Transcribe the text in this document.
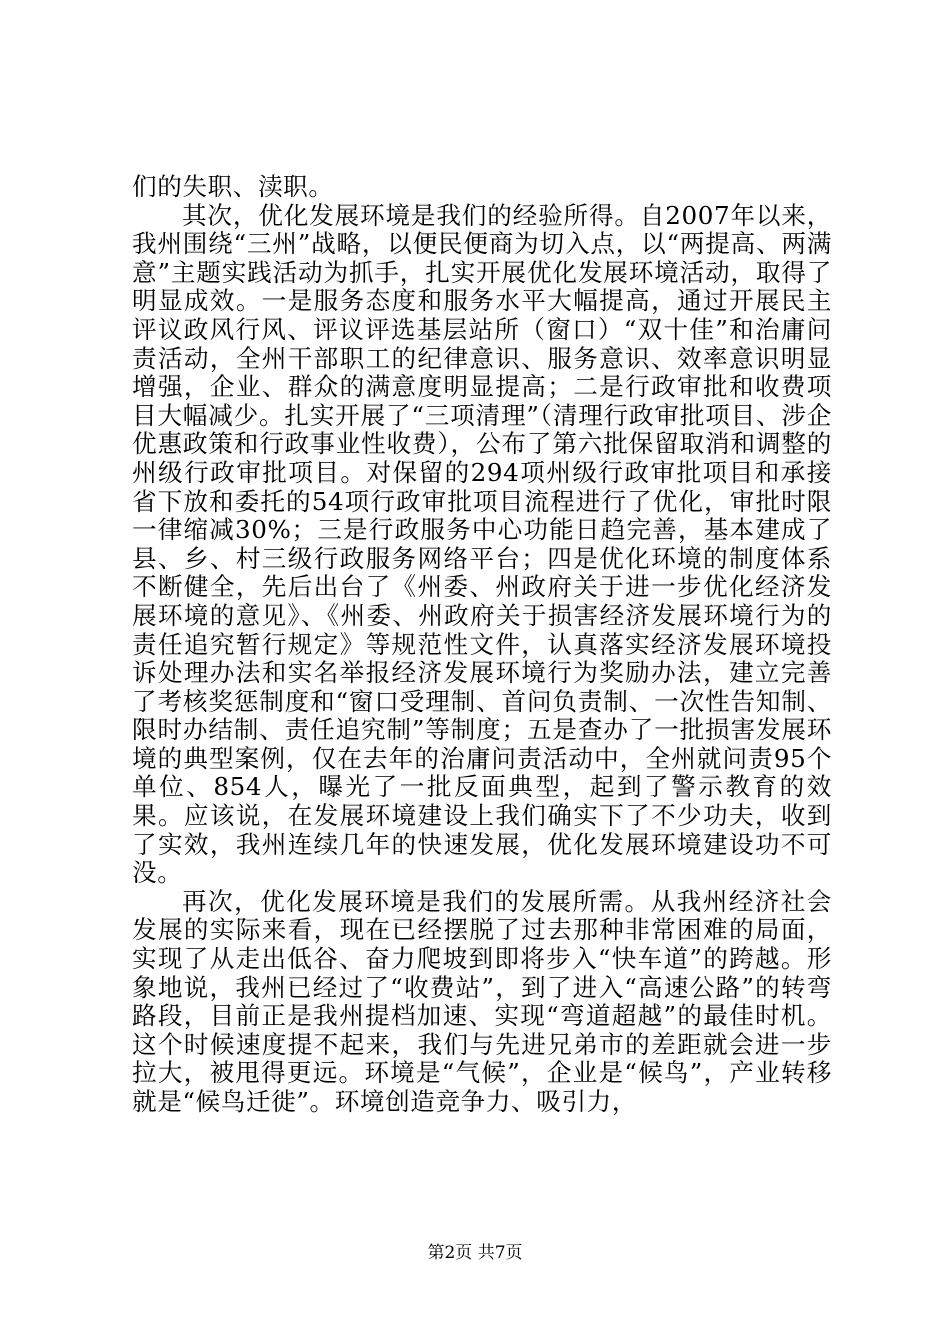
们的失职、渎职。

其次，优化发展环境是我们的经验所得。自2007年以来，我州围绕“三州”战略，以便民便商为切入点，以“两提高、两满意”主题实践活动为抓手，扎实开展优化发展环境活动，取得了明显成效。一是服务态度和服务水平大幅提高，通过开展民主评议政风行风、评议评选基层站所（窗口）“双十佳”和治庸问责活动，全州干部职工的纪律意识、服务意识、效率意识明显增强，企业、群众的满意度明显提高；二是行政审批和收费项目大幅减少。扎实开展了“三项清理”（清理行政审批项目、涉企优惠政策和行政事业性收费），公布了第六批保留取消和调整的州级行政审批项目。对保留的294项州级行政审批项目和承接省下放和委托的54项行政审批项目流程进行了优化，审批时限一律缩减30%；三是行政服务中心功能日趋完善，基本建成了县、乡、村三级行政服务网络平台；四是优化环境的制度体系不断健全，先后出台了《州委、州政府关于进一步优化经济发展环境的意见》、《州委、州政府关于损害经济发展环境行为的责任追究暂行规定》等规范性文件，认真落实经济发展环境投诉处理办法和实名举报经济发展环境行为奖励办法，建立完善了考核奖惩制度和“窗口受理制、首问负责制、一次性告知制、限时办结制、责任追究制”等制度；五是查办了一批损害发展环境的典型案例，仅在去年的治庸问责活动中，全州就问责95个单位、854人，曝光了一批反面典型，起到了警示教育的效果。应该说，在发展环境建设上我们确实下了不少功夫，收到了实效，我州连续几年的快速发展，优化发展环境建设功不可没。

再次，优化发展环境是我们的发展所需。从我州经济社会发展的实际来看，现在已经摆脱了过去那种非常困难的局面，实现了从走出低谷、奋力爬坡到即将步入“快车道”的跨越。形象地说，我州已经过了“收费站”，到了进入“高速公路”的转弯路段，目前正是我州提档加速、实现“弯道超越”的最佳时机。这个时候速度提不起来，我们与先进兄弟市的差距就会进一步拉大，被甩得更远。环境是“气候”，企业是“候鸟”，产业转移就是“候鸟迁徙”。环境创造竞争力、吸引力，

第2页 共7页
